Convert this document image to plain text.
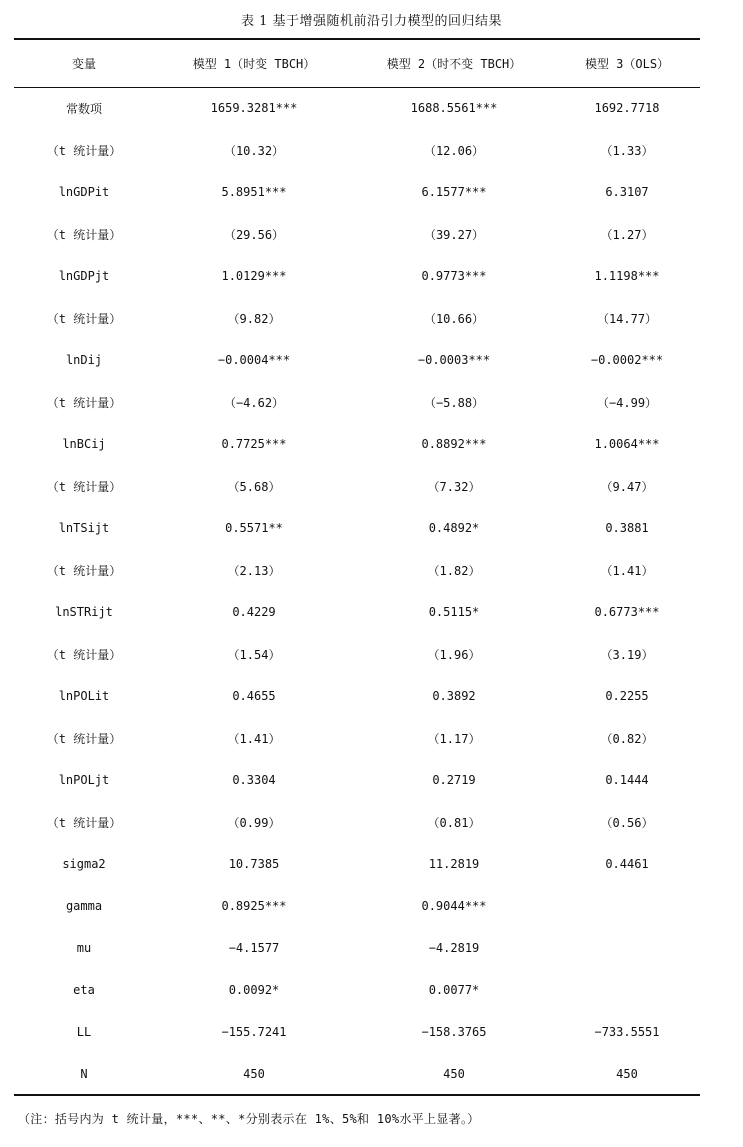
表 1 基于增强随机前沿引力模型的回归结果
变量	模型 1（时变 TBCH）	模型 2（时不变 TBCH）	模型 3（OLS）
常数项	1659.3281***	1688.5561***	1692.7718
（t 统计量）	（10.32）	（12.06）	（1.33）
lnGDPit	5.8951***	6.1577***	6.3107
（t 统计量）	（29.56）	（39.27）	（1.27）
lnGDPjt	1.0129***	0.9773***	1.1198***
（t 统计量）	（9.82）	（10.66）	（14.77）
lnDij	−0.0004***	−0.0003***	−0.0002***
（t 统计量）	（−4.62）	（−5.88）	（−4.99）
lnBCij	0.7725***	0.8892***	1.0064***
（t 统计量）	（5.68）	（7.32）	（9.47）
lnTSijt	0.5571**	0.4892*	0.3881
（t 统计量）	（2.13）	（1.82）	（1.41）
lnSTRijt	0.4229	0.5115*	0.6773***
（t 统计量）	（1.54）	（1.96）	（3.19）
lnPOLit	0.4655	0.3892	0.2255
（t 统计量）	（1.41）	（1.17）	（0.82）
lnPOLjt	0.3304	0.2719	0.1444
（t 统计量）	（0.99）	（0.81）	（0.56）
sigma2	10.7385	11.2819	0.4461
gamma	0.8925***	0.9044***	
mu	−4.1577	−4.2819	
eta	0.0092*	0.0077*	
LL	−155.7241	−158.3765	−733.5551
N	450	450	450
（注：括号内为 t 统计量，***、**、*分别表示在 1%、5%和 10%水平上显著。）
